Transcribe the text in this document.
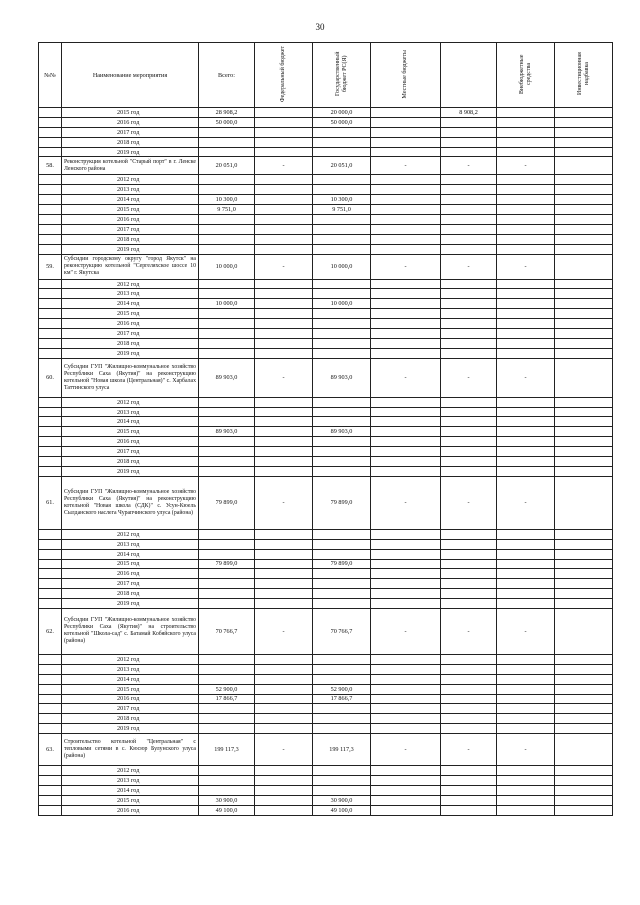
30
№№	Наименование мероприятия	Всего:	Федеральный бюджет	Государственный бюджет РС(Я)	Местные бюджеты		Внебюджетные средства	Инвестиционная надбавка
	2015 год	28 908,2		20 000,0		8 908,2		
	2016 год	50 000,0		50 000,0				
	2017 год							
	2018 год							
	2019 год							
58.	Реконструкция котельной "Старый порт" в г. Ленске Ленского района	20 051,0	-	20 051,0	-	-	-	
	2012 год							
	2013 год							
	2014 год	10 300,0		10 300,0				
	2015 год	9 751,0		9 751,0				
	2016 год							
	2017 год							
	2018 год							
	2019 год							
59.	Субсидии городскому округу "город Якутск" на реконструкцию котельной "Сергеляхское шоссе 10 км" г. Якутска	10 000,0	-	10 000,0	-	-	-	
	2012 год							
	2013 год							
	2014 год	10 000,0		10 000,0				
	2015 год							
	2016 год							
	2017 год							
	2018 год							
	2019 год							
60.	Субсидии ГУП "Жилищно-коммунальное хозяйство Республики Саха (Якутия)" на реконструкцию котельной "Новая школа (Центральная)" с. Харбалах Таттинского улуса	89 903,0	-	89 903,0	-	-	-	
	2012 год							
	2013 год							
	2014 год							
	2015 год	89 903,0		89 903,0				
	2016 год							
	2017 год							
	2018 год							
	2019 год							
61.	Субсидии ГУП "Жилищно-коммунальное хозяйство Республики Саха (Якутия)" на реконструкцию котельной "Новая школа (СДК)" с. Усун-Кюель Сылданского наслега Чурапчинского улуса (района)	79 899,0	-	79 899,0	-	-	-	
	2012 год							
	2013 год							
	2014 год							
	2015 год	79 899,0		79 899,0				
	2016 год							
	2017 год							
	2018 год							
	2019 год							
62.	Субсидии ГУП "Жилищно-коммунальное хозяйство Республики Саха (Якутия)" на строительство котельной "Школа-сад" с. Батамай Кобяйского улуса (района)	70 766,7	-	70 766,7	-	-	-	
	2012 год							
	2013 год							
	2014 год							
	2015 год	52 900,0		52 900,0				
	2016 год	17 866,7		17 866,7				
	2017 год							
	2018 год							
	2019 год							
63.	Строительство котельной "Центральная" с тепловыми сетями в с. Кюсюр Булунского улуса (района)	199 117,3	-	199 117,3	-	-	-	
	2012 год							
	2013 год							
	2014 год							
	2015 год	30 900,0		30 900,0				
	2016 год	49 100,0		49 100,0				
